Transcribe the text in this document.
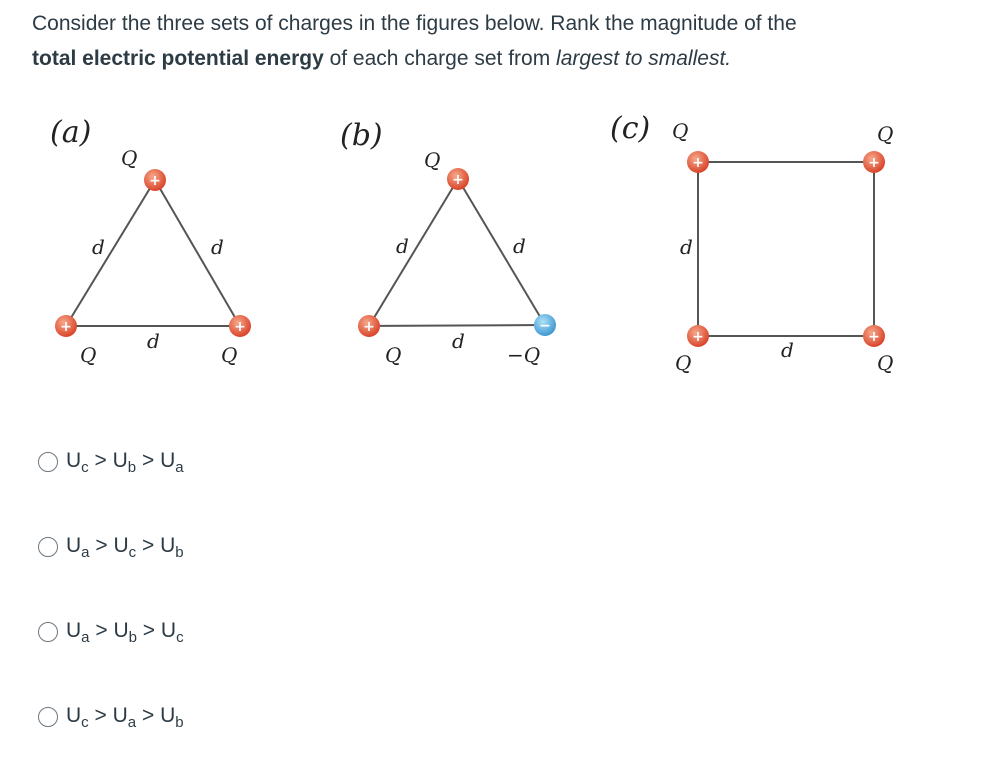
Consider the three sets of charges in the figures below. Rank the magnitude of the
total electric potential energy of each charge set from largest to smallest.
(a)
+
+	+
Q
Q	Q
d	d
d
(b)
+
+	−
Q
Q	−Q
d	d
d
(c)
+	+
+	+
Q	Q
Q	Q
d
d
$U_c > U_b > U_a$
$U_a > U_c > U_b$
$U_a > U_b > U_c$
$U_c > U_a > U_b$
